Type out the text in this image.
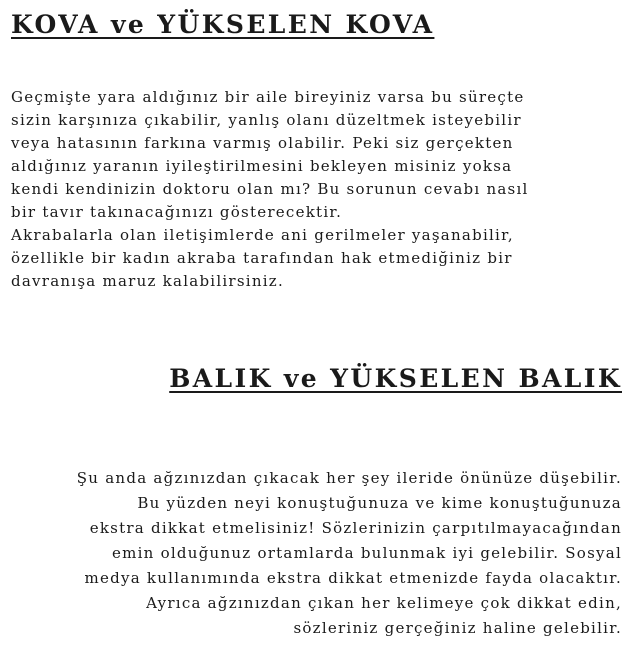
KOVA ve YÜKSELEN KOVA
Geçmişte yara aldığınız bir aile bireyiniz varsa bu süreçte
sizin karşınıza çıkabilir, yanlış olanı düzeltmek isteyebilir
veya hatasının farkına varmış olabilir. Peki siz gerçekten
aldığınız yaranın iyileştirilmesini bekleyen misiniz yoksa
kendi kendinizin doktoru olan mı? Bu sorunun cevabı nasıl
bir tavır takınacağınızı gösterecektir.
Akrabalarla olan iletişimlerde ani gerilmeler yaşanabilir,
özellikle bir kadın akraba tarafından hak etmediğiniz bir
davranışa maruz kalabilirsiniz.
BALIK ve YÜKSELEN BALIK
Şu anda ağzınızdan çıkacak her şey ileride önünüze düşebilir.
Bu yüzden neyi konuştuğunuza ve kime konuştuğunuza
ekstra dikkat etmelisiniz! Sözlerinizin çarpıtılmayacağından
emin olduğunuz ortamlarda bulunmak iyi gelebilir. Sosyal
medya kullanımında ekstra dikkat etmenizde fayda olacaktır.
Ayrıca ağzınızdan çıkan her kelimeye çok dikkat edin,
sözleriniz gerçeğiniz haline gelebilir.
